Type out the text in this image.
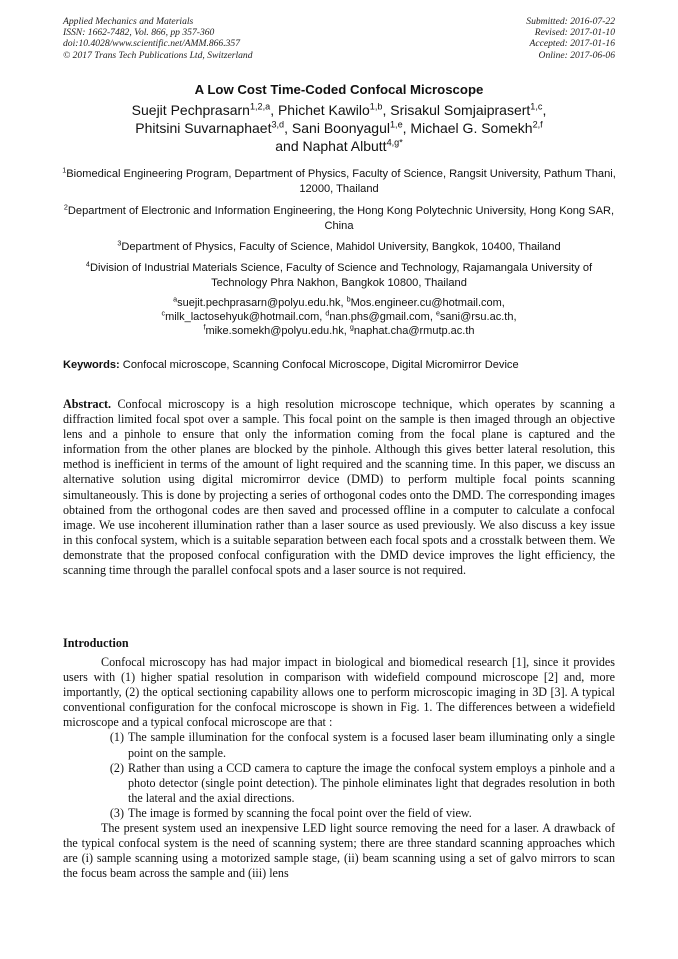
Applied Mechanics and Materials
ISSN: 1662-7482, Vol. 866, pp 357-360
doi:10.4028/www.scientific.net/AMM.866.357
© 2017 Trans Tech Publications Ltd, Switzerland
Submitted: 2016-07-22
Revised: 2017-01-10
Accepted: 2017-01-16
Online: 2017-06-06
A Low Cost Time-Coded Confocal Microscope
Suejit Pechprasarn$^{1,2,a}$, Phichet Kawilo$^{1,b}$, Srisakul Somjaiprasert$^{1,c}$,
Phitsini Suvarnaphaet$^{3,d}$, Sani Boonyagul$^{1,e}$, Michael G. Somekh$^{2,f}$
and Naphat Albutt$^{4,g*}$
$^1$Biomedical Engineering Program, Department of Physics, Faculty of Science, Rangsit University, Pathum Thani, 12000, Thailand
$^2$Department of Electronic and Information Engineering, the Hong Kong Polytechnic University, Hong Kong SAR, China
$^3$Department of Physics, Faculty of Science, Mahidol University, Bangkok, 10400, Thailand
$^4$Division of Industrial Materials Science, Faculty of Science and Technology, Rajamangala University of Technology Phra Nakhon, Bangkok 10800, Thailand
$^a$suejit.pechprasarn@polyu.edu.hk, $^b$Mos.engineer.cu@hotmail.com,
$^c$milk_lactosehyuk@hotmail.com, $^d$nan.phs@gmail.com, $^e$sani@rsu.ac.th,
$^f$mike.somekh@polyu.edu.hk, $^g$naphat.cha@rmutp.ac.th
Keywords: Confocal microscope, Scanning Confocal Microscope, Digital Micromirror Device
Abstract. Confocal microscopy is a high resolution microscope technique, which operates by scanning a diffraction limited focal spot over a sample. This focal point on the sample is then imaged through an objective lens and a pinhole to ensure that only the information coming from the focal plane is captured and the information from the other planes are blocked by the pinhole. Although this gives better lateral resolution, this method is inefficient in terms of the amount of light required and the scanning time. In this paper, we discuss an alternative solution using digital micromirror device (DMD) to perform multiple focal points scanning simultaneously. This is done by projecting a series of orthogonal codes onto the DMD. The corresponding images obtained from the orthogonal codes are then saved and processed offline in a computer to calculate a confocal image. We use incoherent illumination rather than a laser source as used previously. We also discuss a key issue in this confocal system, which is a suitable separation between each focal spots and a crosstalk between them. We demonstrate that the proposed confocal configuration with the DMD device improves the light efficiency, the scanning time through the parallel confocal spots and a laser source is not required.
Introduction

Confocal microscopy has had major impact in biological and biomedical research [1], since it provides users with (1) higher spatial resolution in comparison with widefield compound microscope [2] and, more importantly, (2) the optical sectioning capability allows one to perform microscopic imaging in 3D [3]. A typical conventional configuration for the confocal microscope is shown in Fig. 1. The differences between a widefield microscope and a typical confocal microscope are that :

(1) The sample illumination for the confocal system is a focused laser beam illuminating only a single point on the sample.
(2) Rather than using a CCD camera to capture the image the confocal system employs a pinhole and a photo detector (single point detection). The pinhole eliminates light that degrades resolution in both the lateral and the axial directions.
(3) The image is formed by scanning the focal point over the field of view.

The present system used an inexpensive LED light source removing the need for a laser. A drawback of the typical confocal system is the need of scanning system; there are three standard scanning approaches which are (i) sample scanning using a motorized sample stage, (ii) beam scanning using a set of galvo mirrors to scan the focus beam across the sample and (iii) lens
